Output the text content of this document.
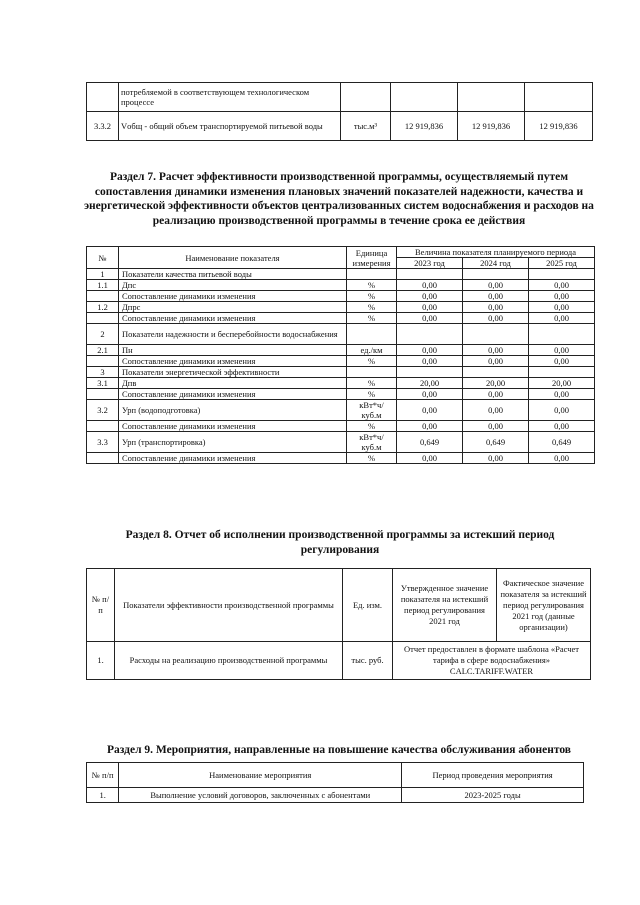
	потребляемой в соответствующем технологическом процессе				
3.3.2	Vобщ - общий объем транспортируемой питьевой воды	тыс.м³	12 919,836	12 919,836	12 919,836
Раздел 7. Расчет эффективности производственной программы, осуществляемый путем сопоставления динамики изменения плановых значений показателей надежности, качества и энергетической эффективности объектов централизованных систем водоснабжения и расходов на реализацию производственной программы в течение срока ее действия
№	Наименование показателя	Единица измерения	Величина показателя планируемого периода		
			2023 год	2024 год	2025 год
1	Показатели качества питьевой воды				
1.1	Дпс	%	0,00	0,00	0,00
	Сопоставление динамики изменения	%	0,00	0,00	0,00
1.2	Дпрс	%	0,00	0,00	0,00
	Сопоставление динамики изменения	%	0,00	0,00	0,00
2	Показатели надежности и бесперебойности водоснабжения				
2.1	Пн	ед./км	0,00	0,00	0,00
	Сопоставление динамики изменения	%	0,00	0,00	0,00
3	Показатели энергетической эффективности				
3.1	Дпв	%	20,00	20,00	20,00
	Сопоставление динамики изменения	%	0,00	0,00	0,00
3.2	Урп (водоподготовка)	кВт*ч/куб.м	0,00	0,00	0,00
	Сопоставление динамики изменения	%	0,00	0,00	0,00
3.3	Урп (транспортировка)	кВт*ч/куб.м	0,649	0,649	0,649
	Сопоставление динамики изменения	%	0,00	0,00	0,00
Раздел 8. Отчет об исполнении производственной программы за истекший период регулирования
№ п/п	Показатели эффективности производственной программы	Ед. изм.	Утвержденное значение показателя на истекший период регулирования 2021 год	Фактическое значение показателя за истекший период регулирования 2021 год (данные организации)
1.	Расходы на реализацию производственной программы	тыс. руб.	Отчет предоставлен в формате шаблона «Расчет тарифа в сфере водоснабжения» CALC.TARIFF.WATER	
Раздел 9. Мероприятия, направленные на повышение качества обслуживания абонентов
№ п/п	Наименование мероприятия	Период проведения мероприятия
1.	Выполнение условий договоров, заключенных с абонентами	2023-2025 годы
